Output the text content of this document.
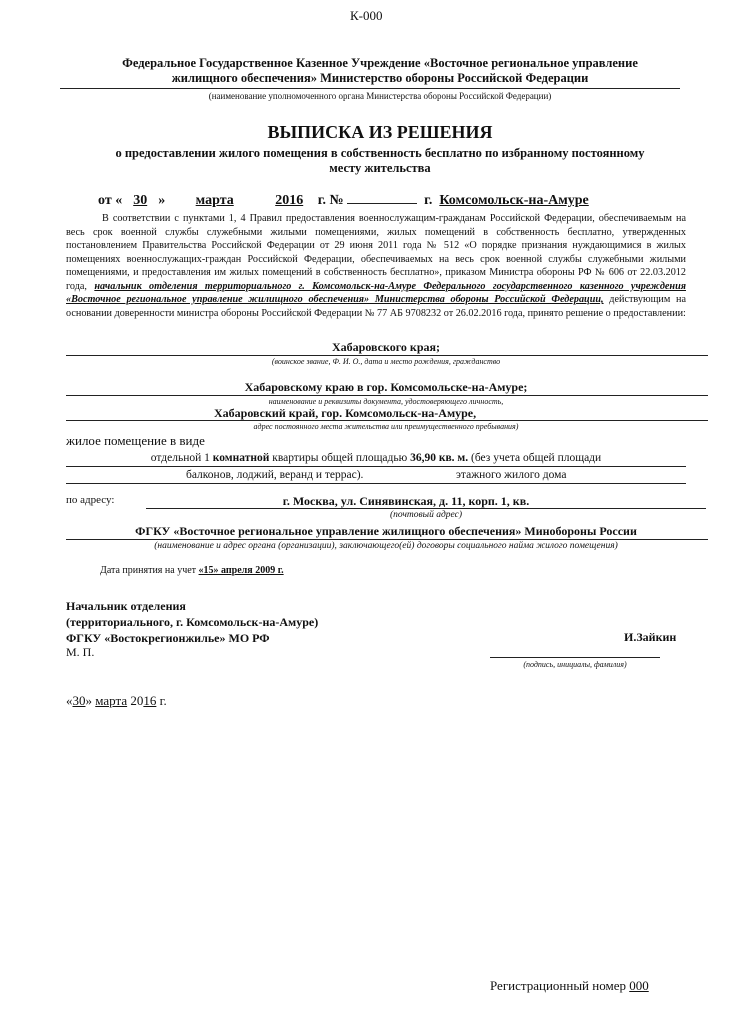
К-000
Федеральное Государственное Казенное Учреждение «Восточное региональное управление
жилищного обеспечения» Министерство обороны Российской Федерации
(наименование уполномоченного органа Министерства обороны Российской Федерации)
ВЫПИСКА ИЗ РЕШЕНИЯ
о предоставлении жилого помещения в собственность бесплатно по избранному постоянному
месту жительства
от « 30 » марта	2016 г. №	г. Комсомольск-на-Амуре
В соответствии с пунктами 1, 4 Правил предоставления военнослужащим-гражданам Российской Федерации, обеспечиваемым на весь срок военной службы служебными жилыми помещениями, жилых помещений в собственность бесплатно, утвержденных постановлением Правительства Российской Федерации от 29 июня 2011 года № 512 «О порядке признания нуждающимися в жилых помещениях военнослужащих-граждан Российской Федерации, обеспечиваемых на весь срок военной службы служебными жилыми помещениями, и предоставления им жилых помещений в собственность бесплатно», приказом Министра обороны РФ № 606 от 22.03.2012 года, начальник отделения территориального г. Комсомольск-на-Амуре Федерального государственного казенного учреждения «Восточное региональное управление жилищного обеспечения» Министерства обороны Российской Федерации, действующим на основании доверенности министра обороны Российской Федерации № 77 АБ 9708232 от 26.02.2016 года, принято решение о предоставлении:
Хабаровского края;
(воинское звание, Ф. И. О., дата и место рождения, гражданство
Хабаровскому краю в гор. Комсомольске-на-Амуре;
наименование и реквизиты документа, удостоверяющего личность,
Хабаровский край, гор. Комсомольск-на-Амуре,
адрес постоянного места жительства или преимущественного пребывания)
жилое помещение в виде
отдельной 1 комнатной квартиры общей площадью 36,90 кв. м. (без учета общей площади
балконов, лоджий, веранд и террас).	этажного жилого дома
по адресу:	г. Москва, ул. Синявинская, д. 11, корп. 1, кв.
(почтовый адрес)
ФГКУ «Восточное региональное управление жилищного обеспечения» Минобороны России
(наименование и адрес органа (организации), заключающего(ей) договоры социального найма жилого помещения)
Дата принятия на учет «15» апреля 2009 г.
Начальник отделения
(территориального, г. Комсомольск-на-Амуре)
ФГКУ «Востокрегионжилье» МО РФ
М. П.
И.Зайкин
(подпись, инициалы, фамилия)
«30» марта 2016 г.
Регистрационный номер 000
